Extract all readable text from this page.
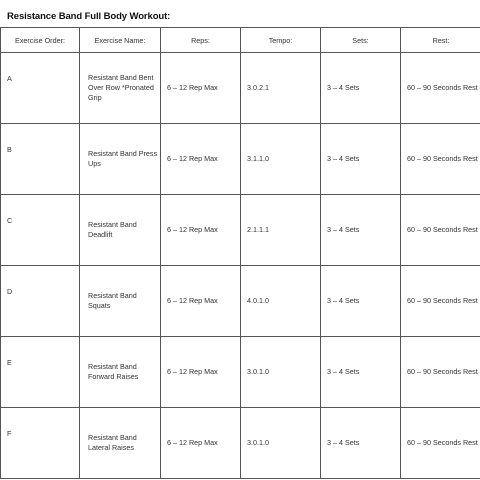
Resistance Band Full Body Workout:
Exercise Order:	Exercise Name:	Reps:	Tempo:	Sets:	Rest:
A	Resistant Band Bent Over Row *Pronated Grip	6 – 12 Rep Max	3.0.2.1	3 – 4 Sets	60 – 90 Seconds Rest
B	Resistant Band Press Ups	6 – 12 Rep Max	3.1.1.0	3 – 4 Sets	60 – 90 Seconds Rest
C	Resistant Band Deadlift	6 – 12 Rep Max	2.1.1.1	3 – 4 Sets	60 – 90 Seconds Rest
D	Resistant Band Squats	6 – 12 Rep Max	4.0.1.0	3 – 4 Sets	60 – 90 Seconds Rest
E	Resistant Band Forward Raises	6 – 12 Rep Max	3.0.1.0	3 – 4 Sets	60 – 90 Seconds Rest
F	Resistant Band Lateral Raises	6 – 12 Rep Max	3.0.1.0	3 – 4 Sets	60 – 90 Seconds Rest
